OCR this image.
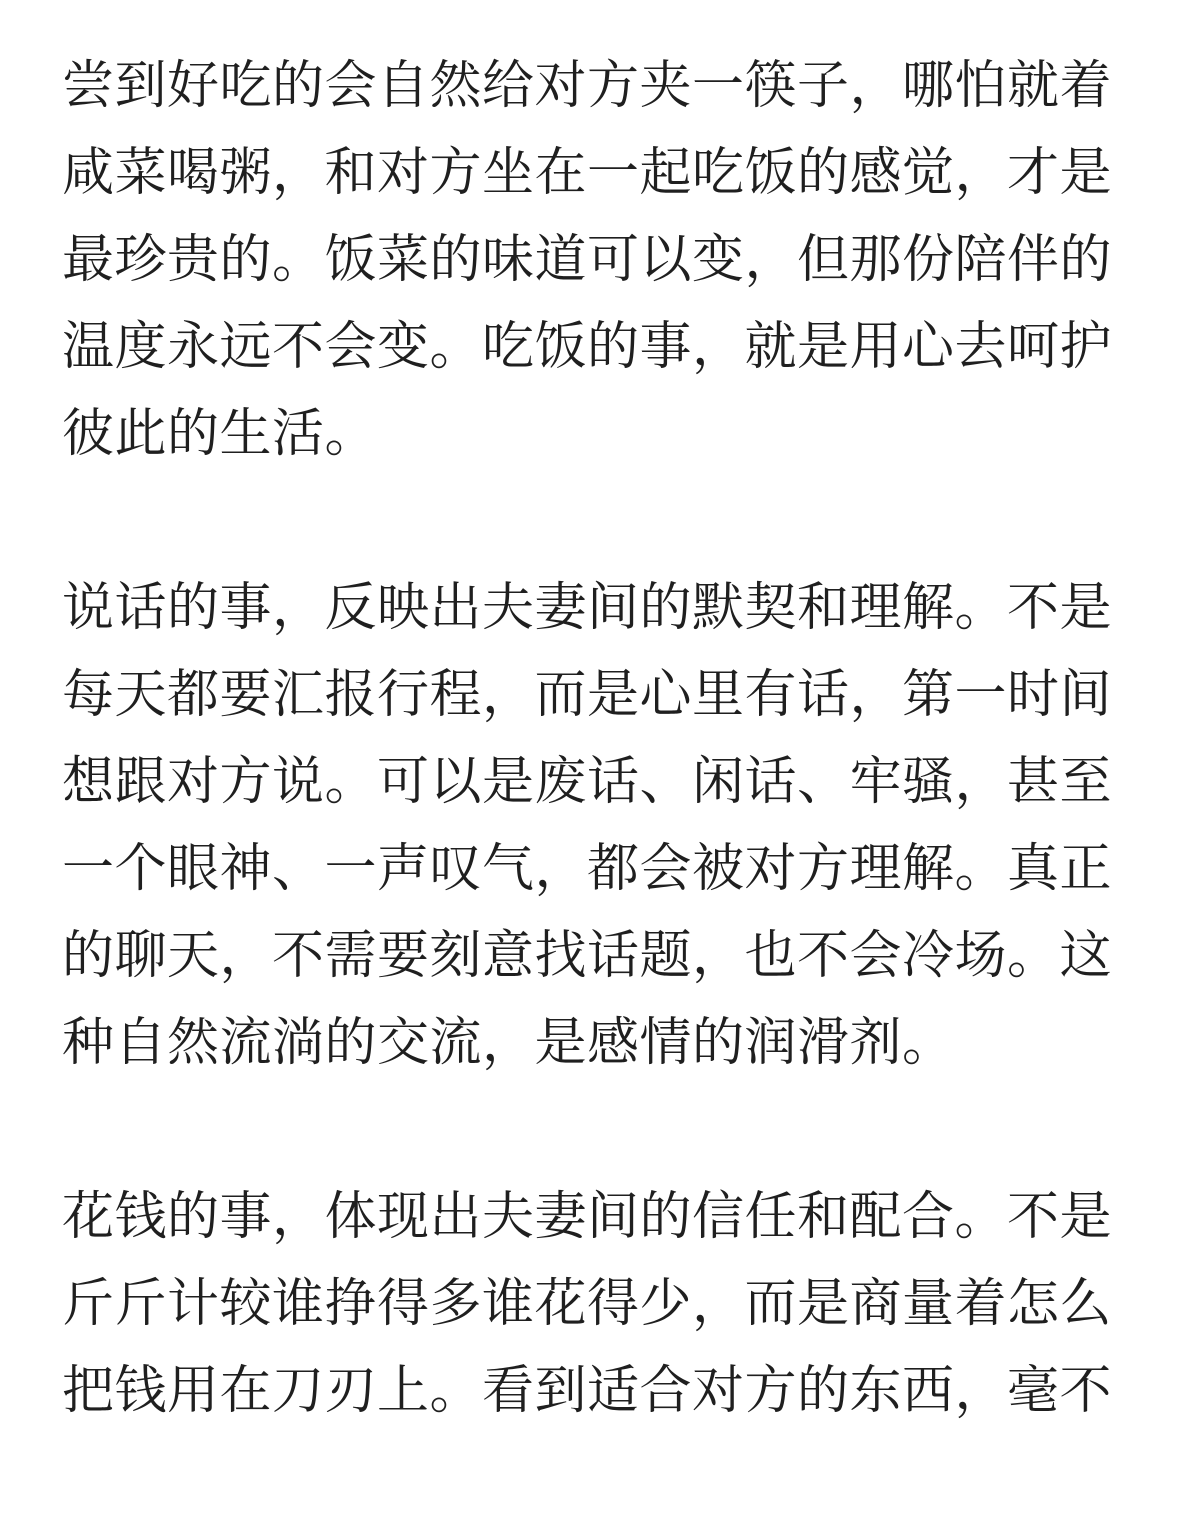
尝到好吃的会自然给对方夹一筷子，哪怕就着
咸菜喝粥，和对方坐在一起吃饭的感觉，才是
最珍贵的。饭菜的味道可以变，但那份陪伴的
温度永远不会变。吃饭的事，就是用心去呵护
彼此的生活。
说话的事，反映出夫妻间的默契和理解。不是
每天都要汇报行程，而是心里有话，第一时间
想跟对方说。可以是废话、闲话、牢骚，甚至
一个眼神、一声叹气，都会被对方理解。真正
的聊天，不需要刻意找话题，也不会冷场。这
种自然流淌的交流，是感情的润滑剂。
花钱的事，体现出夫妻间的信任和配合。不是
斤斤计较谁挣得多谁花得少，而是商量着怎么
把钱用在刀刃上。看到适合对方的东西，毫不
